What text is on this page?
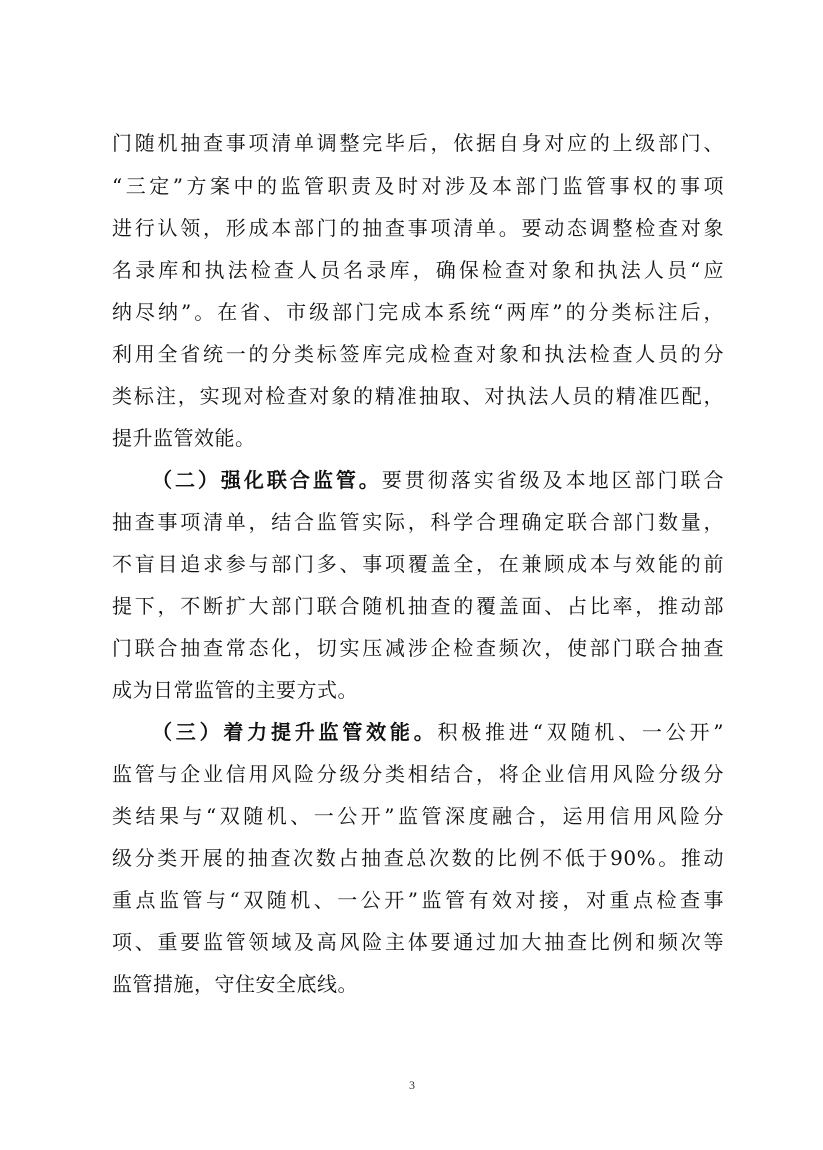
门随机抽查事项清单调整完毕后，依据自身对应的上级部门、
“三定”方案中的监管职责及时对涉及本部门监管事权的事项
进行认领，形成本部门的抽查事项清单。要动态调整检查对象
名录库和执法检查人员名录库，确保检查对象和执法人员“应
纳尽纳”。在省、市级部门完成本系统“两库”的分类标注后，
利用全省统一的分类标签库完成检查对象和执法检查人员的分
类标注，实现对检查对象的精准抽取、对执法人员的精准匹配，
提升监管效能。
（二）强化联合监管。要贯彻落实省级及本地区部门联合
抽查事项清单，结合监管实际，科学合理确定联合部门数量，
不盲目追求参与部门多、事项覆盖全，在兼顾成本与效能的前
提下，不断扩大部门联合随机抽查的覆盖面、占比率，推动部
门联合抽查常态化，切实压减涉企检查频次，使部门联合抽查
成为日常监管的主要方式。
（三）着力提升监管效能。积极推进“双随机、一公开”
监管与企业信用风险分级分类相结合，将企业信用风险分级分
类结果与“双随机、一公开”监管深度融合，运用信用风险分
级分类开展的抽查次数占抽查总次数的比例不低于90%。推动
重点监管与“双随机、一公开”监管有效对接，对重点检查事
项、重要监管领域及高风险主体要通过加大抽查比例和频次等
监管措施，守住安全底线。
3
